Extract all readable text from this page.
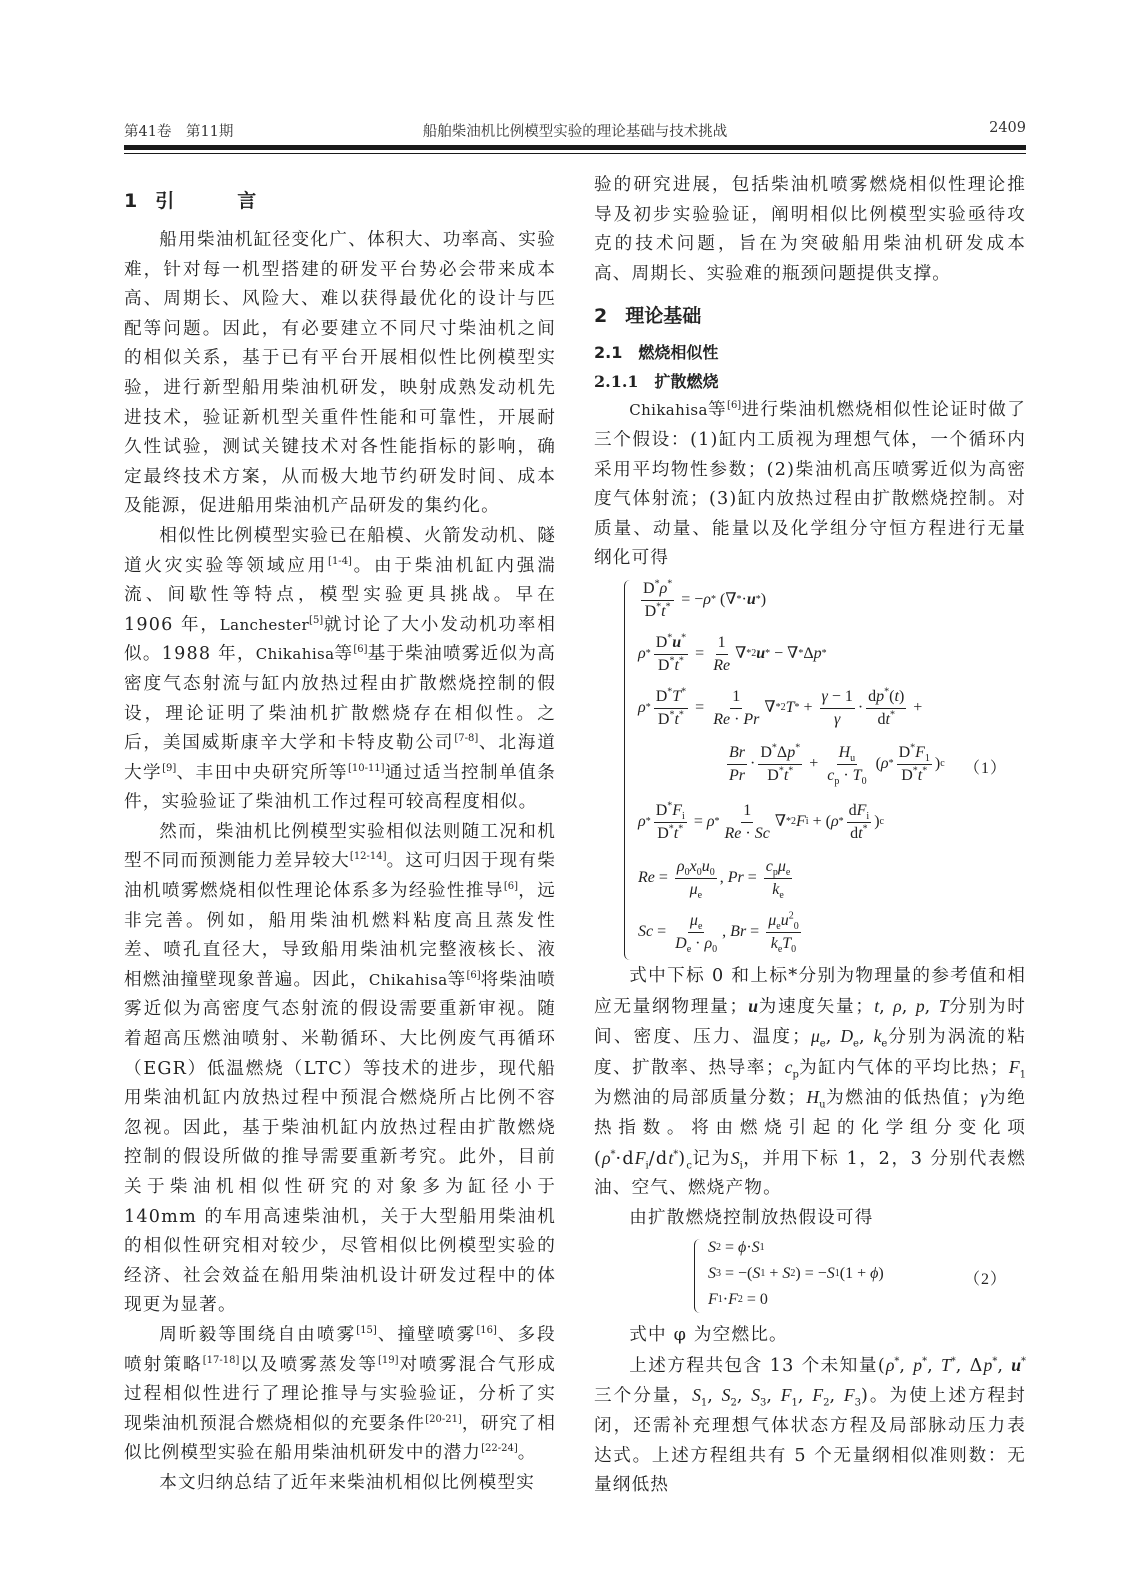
第41卷　第11期	船舶柴油机比例模型实验的理论基础与技术挑战	2409
1 引　言

船用柴油机缸径变化广、体积大、功率高、实验难，针对每一机型搭建的研发平台势必会带来成本高、周期长、风险大、难以获得最优化的设计与匹配等问题。因此，有必要建立不同尺寸柴油机之间的相似关系，基于已有平台开展相似性比例模型实验，进行新型船用柴油机研发，映射成熟发动机先进技术，验证新机型关重件性能和可靠性，开展耐久性试验，测试关键技术对各性能指标的影响，确定最终技术方案，从而极大地节约研发时间、成本及能源，促进船用柴油机产品研发的集约化。

相似性比例模型实验已在船模、火箭发动机、隧道火灾实验等领域应用[1-4]。由于柴油机缸内强湍流、间歇性等特点，模型实验更具挑战。早在 1906 年，Lanchester[5]就讨论了大小发动机功率相似。1988 年，Chikahisa等[6]基于柴油喷雾近似为高密度气态射流与缸内放热过程由扩散燃烧控制的假设，理论证明了柴油机扩散燃烧存在相似性。之后，美国威斯康辛大学和卡特皮勒公司[7-8]、北海道大学[9]、丰田中央研究所等[10-11]通过适当控制单值条件，实验验证了柴油机工作过程可较高程度相似。

然而，柴油机比例模型实验相似法则随工况和机型不同而预测能力差异较大[12-14]。这可归因于现有柴油机喷雾燃烧相似性理论体系多为经验性推导[6]，远非完善。例如，船用柴油机燃料粘度高且蒸发性差、喷孔直径大，导致船用柴油机完整液核长、液相燃油撞壁现象普遍。因此，Chikahisa等[6]将柴油喷雾近似为高密度气态射流的假设需要重新审视。随着超高压燃油喷射、米勒循环、大比例废气再循环（EGR）低温燃烧（LTC）等技术的进步，现代船用柴油机缸内放热过程中预混合燃烧所占比例不容忽视。因此，基于柴油机缸内放热过程由扩散燃烧控制的假设所做的推导需要重新考究。此外，目前关于柴油机相似性研究的对象多为缸径小于 140mm 的车用高速柴油机，关于大型船用柴油机的相似性研究相对较少，尽管相似比例模型实验的经济、社会效益在船用柴油机设计研发过程中的体现更为显著。

周昕毅等围绕自由喷雾[15]、撞壁喷雾[16]、多段喷射策略[17-18]以及喷雾蒸发等[19]对喷雾混合气形成过程相似性进行了理论推导与实验验证，分析了实现柴油机预混合燃烧相似的充要条件[20-21]，研究了相似比例模型实验在船用柴油机研发中的潜力[22-24]。

本文归纳总结了近年来柴油机相似比例模型实

验的研究进展，包括柴油机喷雾燃烧相似性理论推导及初步实验验证，阐明相似比例模型实验亟待攻克的技术问题，旨在为突破船用柴油机研发成本高、周期长、实验难的瓶颈问题提供支撑。

2 理论基础
2.1 燃烧相似性
2.1.1 扩散燃烧

Chikahisa等[6]进行柴油机燃烧相似性论证时做了三个假设：(1)缸内工质视为理想气体，一个循环内采用平均物性参数；(2)柴油机高压喷雾近似为高密度气体射流；(3)缸内放热过程由扩散燃烧控制。对质量、动量、能量以及化学组分守恒方程进行无量纲化可得

$\frac{D^*\rho^*}{D^*t^*}$ = − ρ * (∇ * · u * )
$\rho * \frac{D^*u^*}{D^*t^*} = \frac{1}{Re}$ ∇ *2 u * − ∇ * Δ p *
$\rho * \frac{D^*T^*}{D^*t^*} = \frac{1}{Re \cdot Pr}$ ∇ *2 T * + $\frac{\gamma - 1}{\gamma} \cdot \frac{dp^*(t)}{dt^*}$ +
$\frac{Br}{Pr} \cdot \frac{D^*\Delta p^*}{D^*t^*} + \frac{H_u}{c_p \cdot T_0}$ ( ρ * $\frac{D^*F_1}{D^*t^*}$ ) c
$\rho * \frac{D^*F_i}{D^*t^*} = \rho * \frac{1}{Re \cdot Sc}$ ∇ *2 F i + ( ρ * $\frac{dF_i}{dt^*}$ ) c
$Re = \frac{\rho_0x_0u_0}{\mu_e}$ , $Pr = \frac{c_p\mu_e}{k_e}$
$Sc = \frac{\mu_e}{D_e \cdot \rho_0}$ , $Br = \frac{\mu_eu^2_0}{k_eT_0}$
（1）

式中下标 0 和上标*分别为物理量的参考值和相应无量纲物理量；u为速度矢量；t, ρ, p, T分别为时间、密度、压力、温度；$\mu_e$, $D_e$, $k_e$分别为涡流的粘度、扩散率、热导率；$c_p$为缸内气体的平均比热；$F_1$为燃油的局部质量分数；$H_u$为燃油的低热值；γ为绝热指数。将由燃烧引起的化学组分变化项$(\rho^*\cdot dF_i/dt^*)_c$记为$S_i$，并用下标 1，2，3 分别代表燃油、空气、燃烧产物。

由扩散燃烧控制放热假设可得

S 2 = ϕ · S 1
S 3 = −( S 1 + S 2 ) = − S 1 (1 + ϕ )
F 1 · F 2 = 0
（2）

式中 φ 为空燃比。

上述方程共包含 13 个未知量(ρ*, p*, T*, Δp*, u*三个分量，$S_1$, $S_2$, $S_3$, $F_1$, $F_2$, $F_3$)。为使上述方程封闭，还需补充理想气体状态方程及局部脉动压力表达式。上述方程组共有 5 个无量纲相似准则数：无量纲低热
